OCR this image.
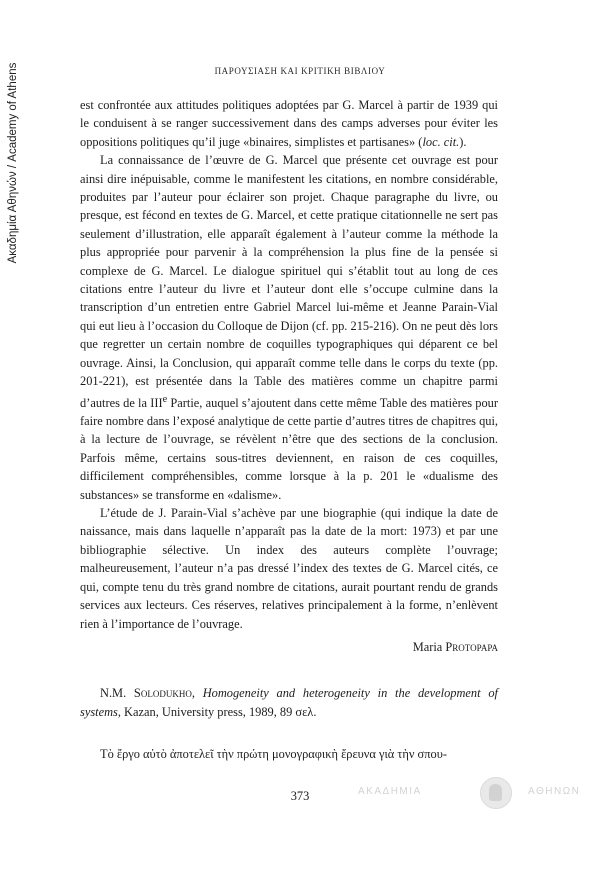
Ακαδημία Αθηνών / Academy of Athens	ΠΑΡΟΥΣΙΑΣΗ ΚΑΙ ΚΡΙΤΙΚΗ ΒΙΒΛΙΟΥ

est confrontée aux attitudes politiques adoptées par G. Marcel à partir de 1939 qui le conduisent à se ranger successivement dans des camps adverses pour éviter les oppositions politiques qu’il juge «binaires, simplistes et partisanes» (loc. cit.).

La connaissance de l’œuvre de G. Marcel que présente cet ouvrage est pour ainsi dire inépuisable, comme le manifestent les citations, en nombre considérable, produites par l’auteur pour éclairer son projet. Chaque paragraphe du livre, ou presque, est fécond en textes de G. Marcel, et cette pratique citationnelle ne sert pas seulement d’illustration, elle apparaît également à l’auteur comme la méthode la plus appropriée pour parvenir à la compréhension la plus fine de la pensée si complexe de G. Marcel. Le dialogue spirituel qui s’établit tout au long de ces citations entre l’auteur du livre et l’auteur dont elle s’occupe culmine dans la transcription d’un entretien entre Gabriel Marcel lui-même et Jeanne Parain-Vial qui eut lieu à l’occasion du Colloque de Dijon (cf. pp. 215-216). On ne peut dès lors que regretter un certain nombre de coquilles typographiques qui déparent ce bel ouvrage. Ainsi, la Conclusion, qui apparaît comme telle dans le corps du texte (pp. 201-221), est présentée dans la Table des matières comme un chapitre parmi d’autres de la IIIe Partie, auquel s’ajoutent dans cette même Table des matières pour faire nombre dans l’exposé analytique de cette partie d’autres titres de chapitres qui, à la lecture de l’ouvrage, se révèlent n’être que des sections de la conclusion. Parfois même, certains sous-titres deviennent, en raison de ces coquilles, difficilement compréhensibles, comme lorsque à la p. 201 le «dualisme des substances» se transforme en «dalisme».

L’étude de J. Parain-Vial s’achève par une biographie (qui indique la date de naissance, mais dans laquelle n’apparaît pas la date de la mort: 1973) et par une bibliographie sélective. Un index des auteurs complète l’ouvrage; malheureusement, l’auteur n’a pas dressé l’index des textes de G. Marcel cités, ce qui, compte tenu du très grand nombre de citations, aurait pourtant rendu de grands services aux lecteurs. Ces réserves, relatives principalement à la forme, n’enlèvent rien à l’importance de l’ouvrage.

Maria Protopapa

N.M. Solodukho, Homogeneity and heterogeneity in the development of systems, Kazan, University press, 1989, 89 σελ.

Τὸ ἔργο αὐτὸ ἀποτελεῖ τὴν πρώτη μονογραφικὴ ἔρευνα γιὰ τὴν σπου-

373	ΑΚΑΔΗΜΙΑ	ΑΘΗΝΩΝ
